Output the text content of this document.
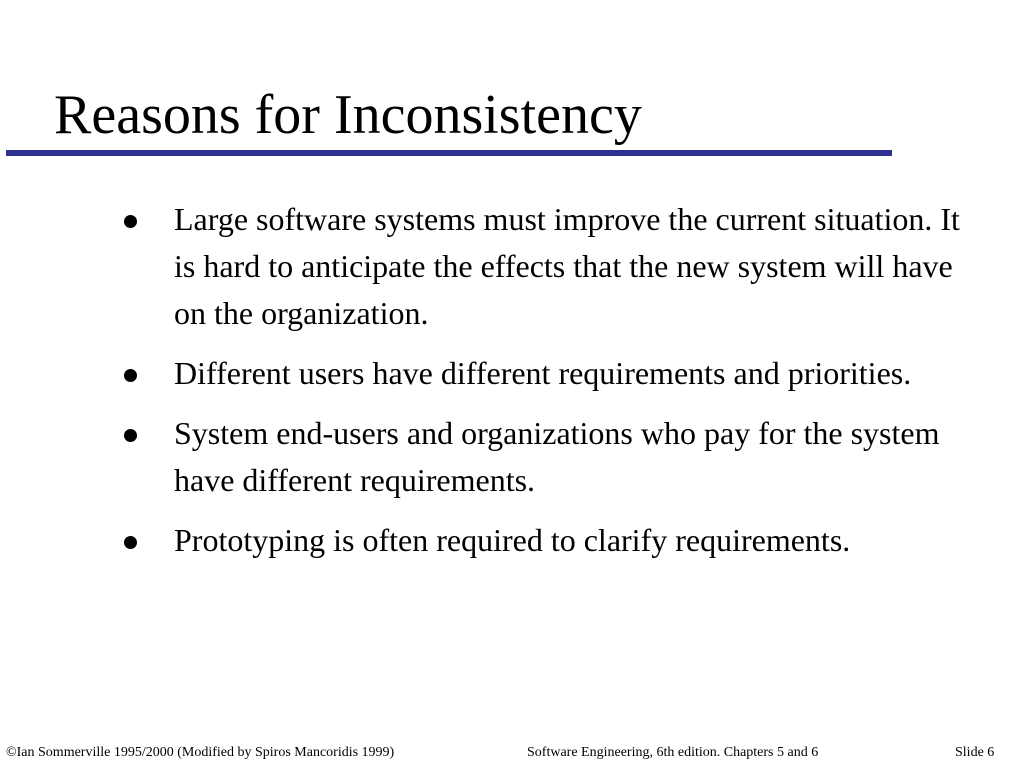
Reasons for Inconsistency
Large software systems must improve the current situation. It is hard to anticipate the effects that the new system will have on the organization.
Different users have different requirements and priorities.
System end-users and organizations who pay for the system have different requirements.
Prototyping is often required to clarify requirements.
©Ian Sommerville 1995/2000 (Modified by Spiros Mancoridis 1999)	Software Engineering, 6th edition. Chapters 5 and 6	Slide 6
